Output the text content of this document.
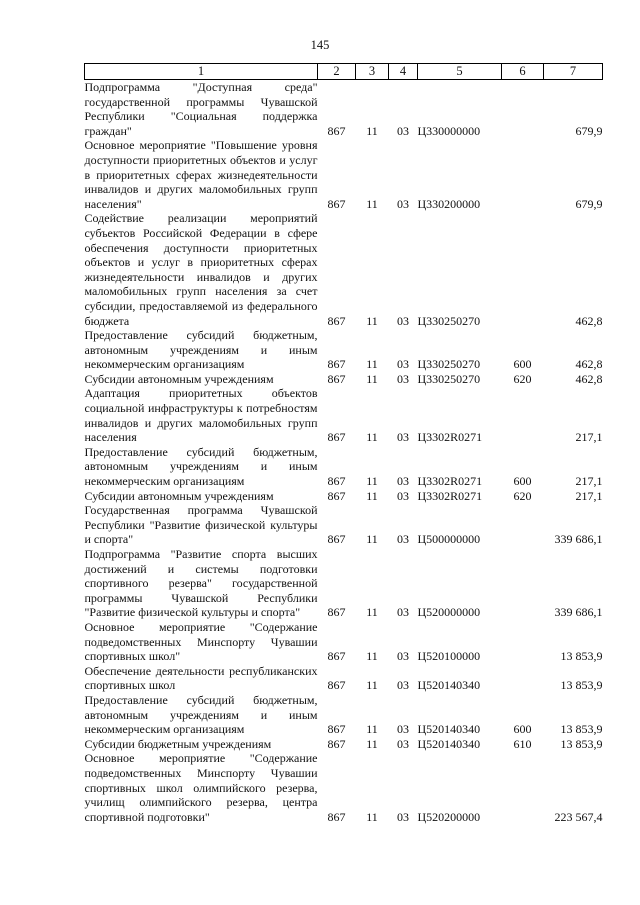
145
1	2	3	4	5	6	7
Подпрограмма "Доступная среда" государственной программы Чувашской Республики "Социальная поддержка граждан"	867	11	03	Ц330000000		679,9
Основное мероприятие "Повышение уровня доступности приоритетных объектов и услуг в приоритетных сферах жизнедеятельности инвалидов и других маломобильных групп населения"	867	11	03	Ц330200000		679,9
Содействие реализации мероприятий субъектов Российской Федерации в сфере обеспечения доступности приоритетных объектов и услуг в приоритетных сферах жизнедеятельности инвалидов и других маломобильных групп населения за счет субсидии, предоставляемой из федерального бюджета	867	11	03	Ц330250270		462,8
Предоставление субсидий бюджетным, автономным учреждениям и иным некоммерческим организациям	867	11	03	Ц330250270	600	462,8
Субсидии автономным учреждениям	867	11	03	Ц330250270	620	462,8
Адаптация приоритетных объектов социальной инфраструктуры к потребностям инвалидов и других маломобильных групп населения	867	11	03	Ц3302R0271		217,1
Предоставление субсидий бюджетным, автономным учреждениям и иным некоммерческим организациям	867	11	03	Ц3302R0271	600	217,1
Субсидии автономным учреждениям	867	11	03	Ц3302R0271	620	217,1
Государственная программа Чувашской Республики "Развитие физической культуры и спорта"	867	11	03	Ц500000000		339 686,1
Подпрограмма "Развитие спорта высших достижений и системы подготовки спортивного резерва" государственной программы Чувашской Республики "Развитие физической культуры и спорта"	867	11	03	Ц520000000		339 686,1
Основное мероприятие "Содержание подведомственных Минспорту Чувашии спортивных школ"	867	11	03	Ц520100000		13 853,9
Обеспечение деятельности республиканских спортивных школ	867	11	03	Ц520140340		13 853,9
Предоставление субсидий бюджетным, автономным учреждениям и иным некоммерческим организациям	867	11	03	Ц520140340	600	13 853,9
Субсидии бюджетным учреждениям	867	11	03	Ц520140340	610	13 853,9
Основное мероприятие "Содержание подведомственных Минспорту Чувашии спортивных школ олимпийского резерва, училищ олимпийского резерва, центра спортивной подготовки"	867	11	03	Ц520200000		223 567,4
